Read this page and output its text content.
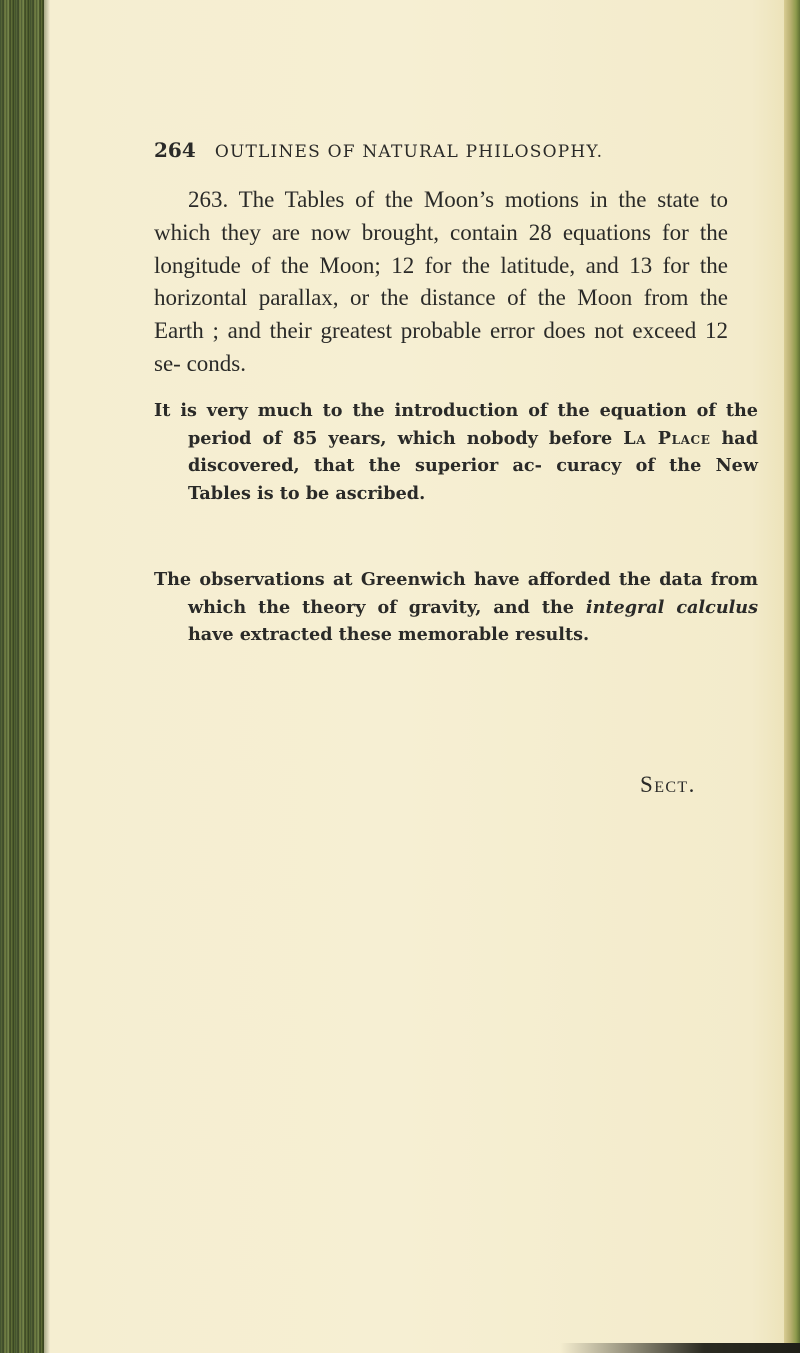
264 OUTLINES OF NATURAL PHILOSOPHY.

263. The Tables of the Moon’s motions in the state to which they are now brought, contain 28 equations for the longitude of the Moon; 12 for the latitude, and 13 for the horizontal parallax, or the distance of the Moon from the Earth ; and their greatest probable error does not exceed 12 se- conds.

It is very much to the introduction of the equation of the period of 85 years, which nobody before La Place had discovered, that the superior ac- curacy of the New Tables is to be ascribed.

The observations at Greenwich have afforded the data from which the theory of gravity, and the integral calculus have extracted these memorable results.

Sect.
